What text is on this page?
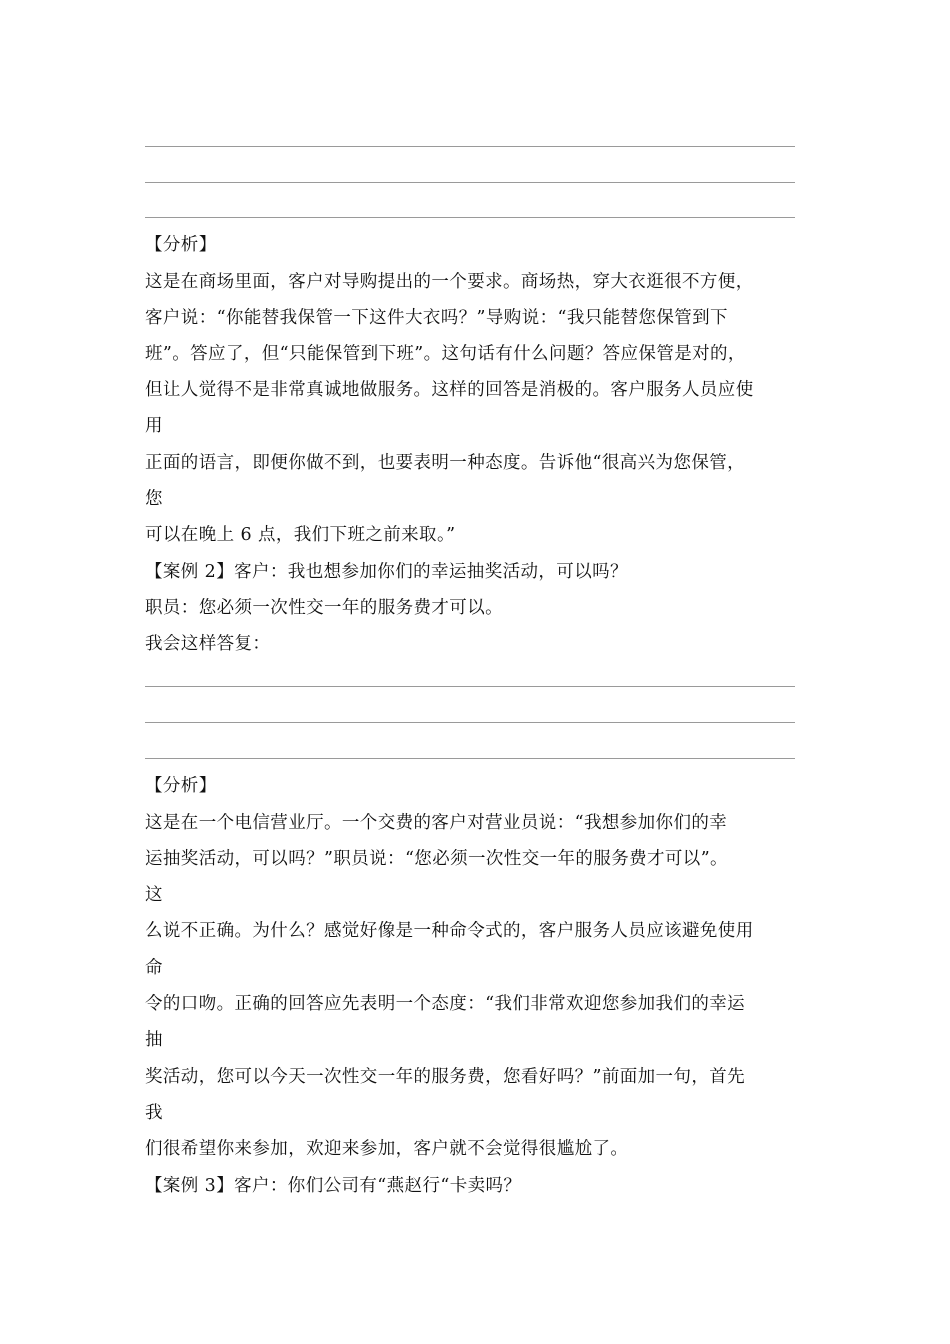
【分析】
这是在商场里面，客户对导购提出的一个要求。商场热，穿大衣逛很不方便，
客户说：“你能替我保管一下这件大衣吗？”导购说：“我只能替您保管到下
班”。答应了，但“只能保管到下班”。这句话有什么问题？答应保管是对的，
但让人觉得不是非常真诚地做服务。这样的回答是消极的。客户服务人员应使
用
正面的语言，即便你做不到，也要表明一种态度。告诉他“很高兴为您保管，
您
可以在晚上 6 点，我们下班之前来取。”
【案例 2】客户：我也想参加你们的幸运抽奖活动，可以吗？
职员：您必须一次性交一年的服务费才可以。
我会这样答复：
【分析】
这是在一个电信营业厅。一个交费的客户对营业员说：“我想参加你们的幸
运抽奖活动，可以吗？”职员说：“您必须一次性交一年的服务费才可以”。
这
么说不正确。为什么？感觉好像是一种命令式的，客户服务人员应该避免使用
命
令的口吻。正确的回答应先表明一个态度：“我们非常欢迎您参加我们的幸运
抽
奖活动，您可以今天一次性交一年的服务费，您看好吗？”前面加一句，首先
我
们很希望你来参加，欢迎来参加，客户就不会觉得很尴尬了。
【案例 3】客户：你们公司有“燕赵行“卡卖吗？
